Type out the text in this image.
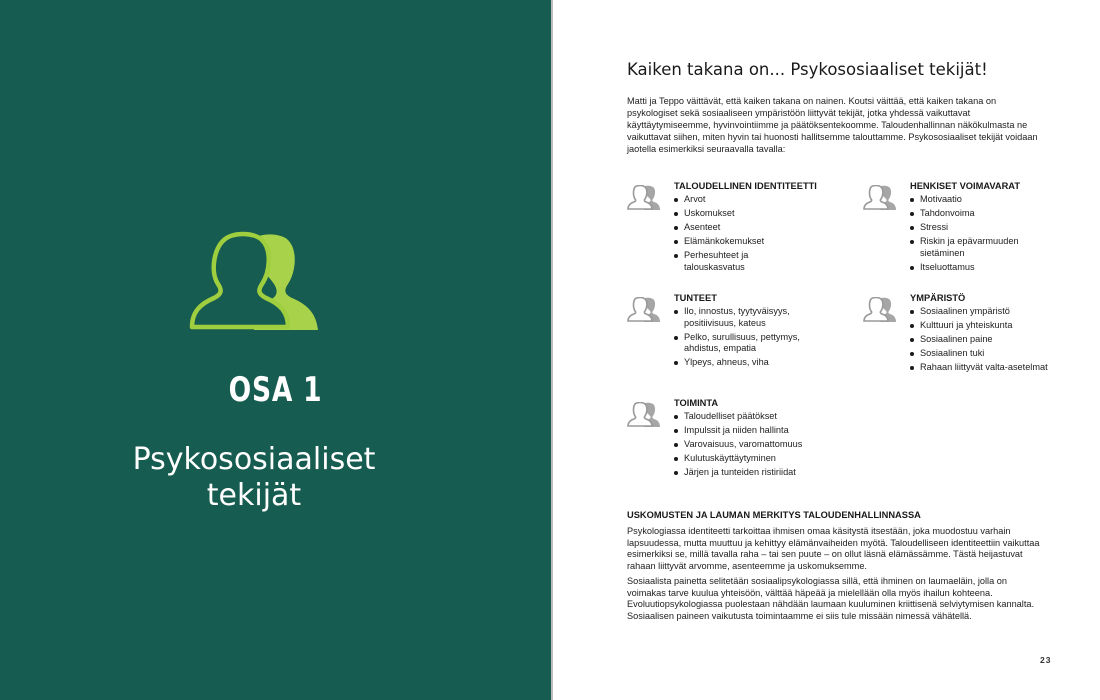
OSA 1
Psykososiaaliset
tekijät
Kaiken takana on... Psykososiaaliset tekijät!
Matti ja Teppo väittävät, että kaiken takana on nainen. Koutsi väittää, että kaiken takana on psykologiset sekä sosiaaliseen ympäristöön liittyvät tekijät, jotka yhdessä vaikuttavat käyttäytymiseemme, hyvinvointiimme ja päätöksentekoomme. Taloudenhallinnan näkökulmasta ne vaikuttavat siihen, miten hyvin tai huonosti hallitsemme talouttamme. Psykososiaaliset tekijät voidaan jaotella esimerkiksi seuraavalla tavalla:
TALOUDELLINEN IDENTITEETTI
Arvot
Uskomukset
Asenteet
Elämänkokemukset
Perhesuhteet ja talouskasvatus
HENKISET VOIMAVARAT
Motivaatio
Tahdonvoima
Stressi
Riskin ja epävarmuuden sietäminen
Itseluottamus
TUNTEET
Ilo, innostus, tyytyväisyys, positiivisuus, kateus
Pelko, surullisuus, pettymys, ahdistus, empatia
Ylpeys, ahneus, viha
YMPÄRISTÖ
Sosiaalinen ympäristö
Kulttuuri ja yhteiskunta
Sosiaalinen paine
Sosiaalinen tuki
Rahaan liittyvät valta-asetelmat
TOIMINTA
Taloudelliset päätökset
Impulssit ja niiden hallinta
Varovaisuus, varomattomuus
Kulutuskäyttäytyminen
Järjen ja tunteiden ristiriidat
USKOMUSTEN JA LAUMAN MERKITYS TALOUDENHALLINNASSA

Psykologiassa identiteetti tarkoittaa ihmisen omaa käsitystä itsestään, joka muodostuu varhain lapsuudessa, mutta muuttuu ja kehittyy elämänvaiheiden myötä. Taloudelliseen identiteettiin vaikuttaa esimerkiksi se, millä tavalla raha – tai sen puute – on ollut läsnä elämässämme. Tästä heijastuvat rahaan liittyvät arvomme, asenteemme ja uskomuksemme.

Sosiaalista painetta selitetään sosiaalipsykologiassa sillä, että ihminen on laumaeläin, jolla on voimakas tarve kuulua yhteisöön, välttää häpeää ja mielellään olla myös ihailun kohteena. Evoluutiopsykologiassa puolestaan nähdään laumaan kuuluminen kriittisenä selviytymisen kannalta. Sosiaalisen paineen vaikutusta toimintaamme ei siis tule missään nimessä vähätellä.

23
